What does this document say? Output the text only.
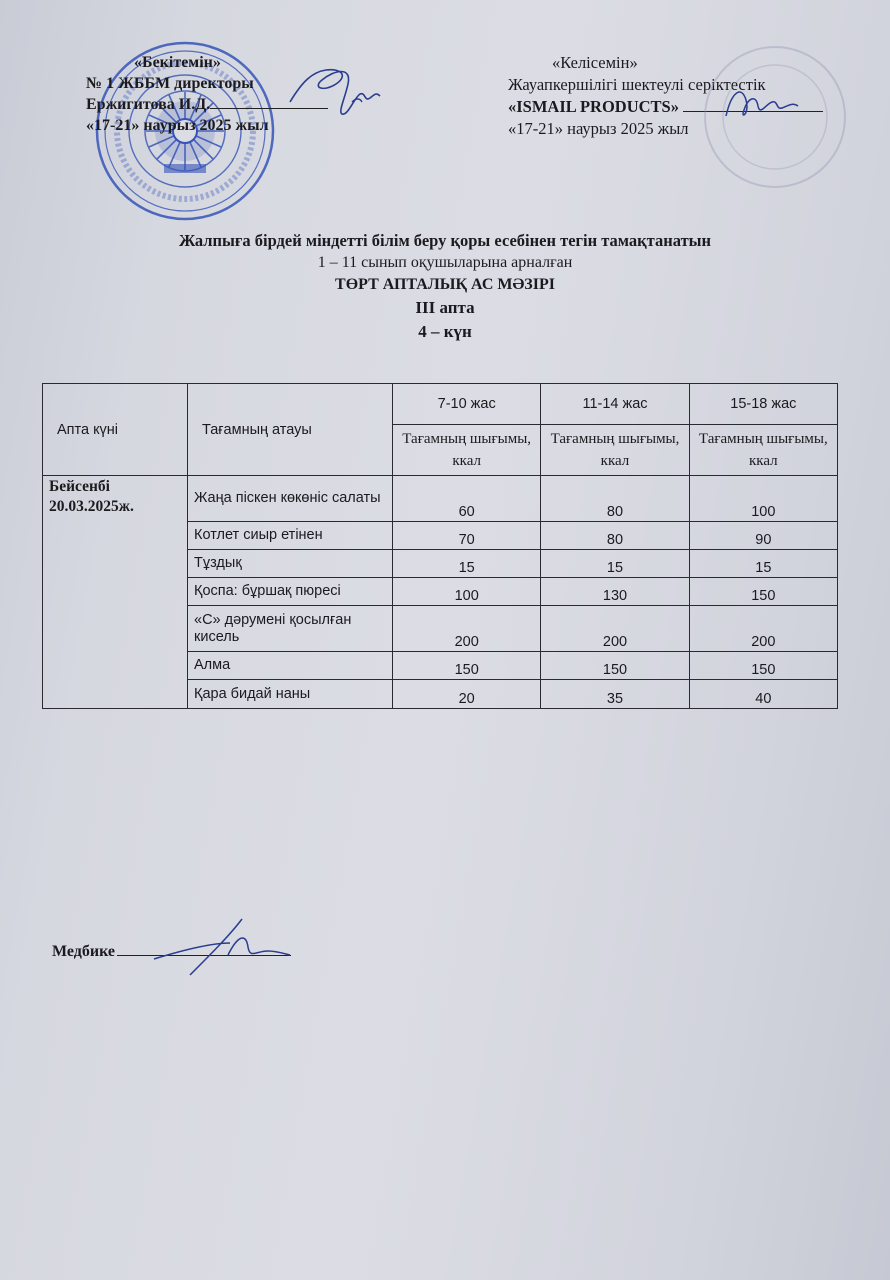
«Бекітемін»
№ 1 ЖББМ директоры
Ержигитова И.Д.
«17-21» наурыз 2025 жыл
«Келісемін»
Жауапкершілігі шектеулі серіктестік
«ISMAIL PRODUCTS»
«17-21» наурыз 2025 жыл
Жалпыға бірдей міндетті білім беру қоры есебінен тегін тамақтанатын
1 – 11 сынып оқушыларына арналған
ТӨРТ АПТАЛЫҚ АС МӘЗІРІ
III апта
4 – күн
Апта күні	Тағамның атауы	7-10 жас	11-14 жас	15-18 жас
		Тағамның шығымы, ккал	Тағамның шығымы, ккал	Тағамның шығымы, ккал
Бейсенбі
20.03.2025ж.	Жаңа піскен көкөніс салаты	60	80	100
	Котлет сиыр етінен	70	80	90
	Тұздық	15	15	15
	Қоспа: бұршақ пюресі	100	130	150
	«С» дәрумені қосылған кисель	200	200	200
	Алма	150	150	150
	Қара бидай наны	20	35	40
Медбике
